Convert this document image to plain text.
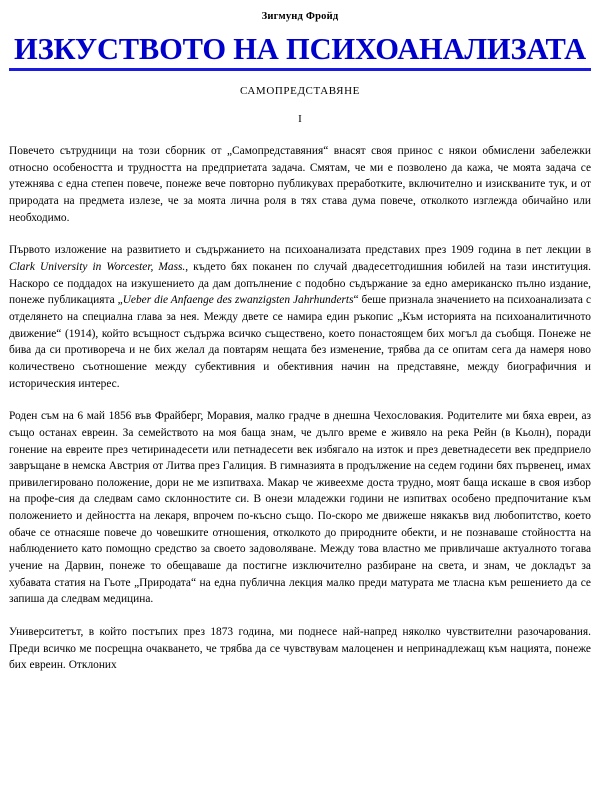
Зигмунд Фройд
ИЗКУСТВОТО НА ПСИХОАНАЛИЗАТА
САМОПРЕДСТАВЯНЕ
I

Повечето сътрудници на този сборник от „Самопредставяния“ внасят своя принос с някои обмислени забележки относно особеността и трудността на предприетата задача. Смятам, че ми е позволено да кажа, че моята задача се утежнява с една степен повече, понеже вече повторно публикувах преработките, включително и изискваните тук, и от природата на предмета излезе, че за моята лична роля в тях става дума повече, отколкото изглежда обичайно или необходимо.

Първото изложение на развитието и съдържанието на психоанализата представих през 1909 година в пет лекции в Clark University in Worcester, Mass., където бях поканен по случай двадесетгодишния юбилей на тази институция. Наскоро се поддадох на изкушението да дам допълнение с подобно съдържание за едно американско пълно издание, понеже публикацията „Ueber die Anfaenge des zwanzigsten Jahrhunderts“ беше признала значението на психоанализата с отделянето на специална глава за нея. Между двете се намира един ръкопис „Към историята на психоаналитичното движение“ (1914), който всъщност съдържа всичко съществено, което понастоящем бих могъл да съобщя. Понеже не бива да си противореча и не бих желал да повтарям нещата без изменение, трябва да се опитам сега да намеря ново количествено съотношение между субективния и обективния начин на представяне, между биографичния и историческия интерес.

Роден съм на 6 май 1856 във Фрайберг, Моравия, малко градче в днешна Чехословакия. Родителите ми бяха евреи, аз също останах евреин. За семейството на моя баща знам, че дълго време е живяло на река Рейн (в Кьолн), поради гонение на евреите през четиринадесети или петнадесети век избягало на изток и през деветнадесети век предприело завръщане в немска Австрия от Литва през Галиция. В гимназията в продължение на седем години бях първенец, имах привилегировано положение, дори не ме изпитваха. Макар че живеехме доста трудно, моят баща искаше в своя избор на профе-сия да следвам само склонностите си. В онези младежки години не изпитвах особено предпочитание към положението и дейността на лекаря, впрочем по-късно също. По-скоро ме движеше някакъв вид любопитство, което обаче се отнасяше повече до човешките отношения, отколкото до природните обекти, и не познаваше стойността на наблюдението като помощно средство за своето задоволяване. Между това властно ме привличаше актуалното тогава учение на Дарвин, понеже то обещаваше да постигне изключително разбиране на света, и знам, че докладът за хубавата статия на Гьоте „Природата“ на една публична лекция малко преди матурата ме тласна към решението да се запиша да следвам медицина.

Университетът, в който постъпих през 1873 година, ми поднесе най-напред няколко чувствителни разочарования. Преди всичко ме посрещна очакването, че трябва да се чувствувам малоценен и непринадлежащ към нацията, понеже бих евреин. Отклоних
